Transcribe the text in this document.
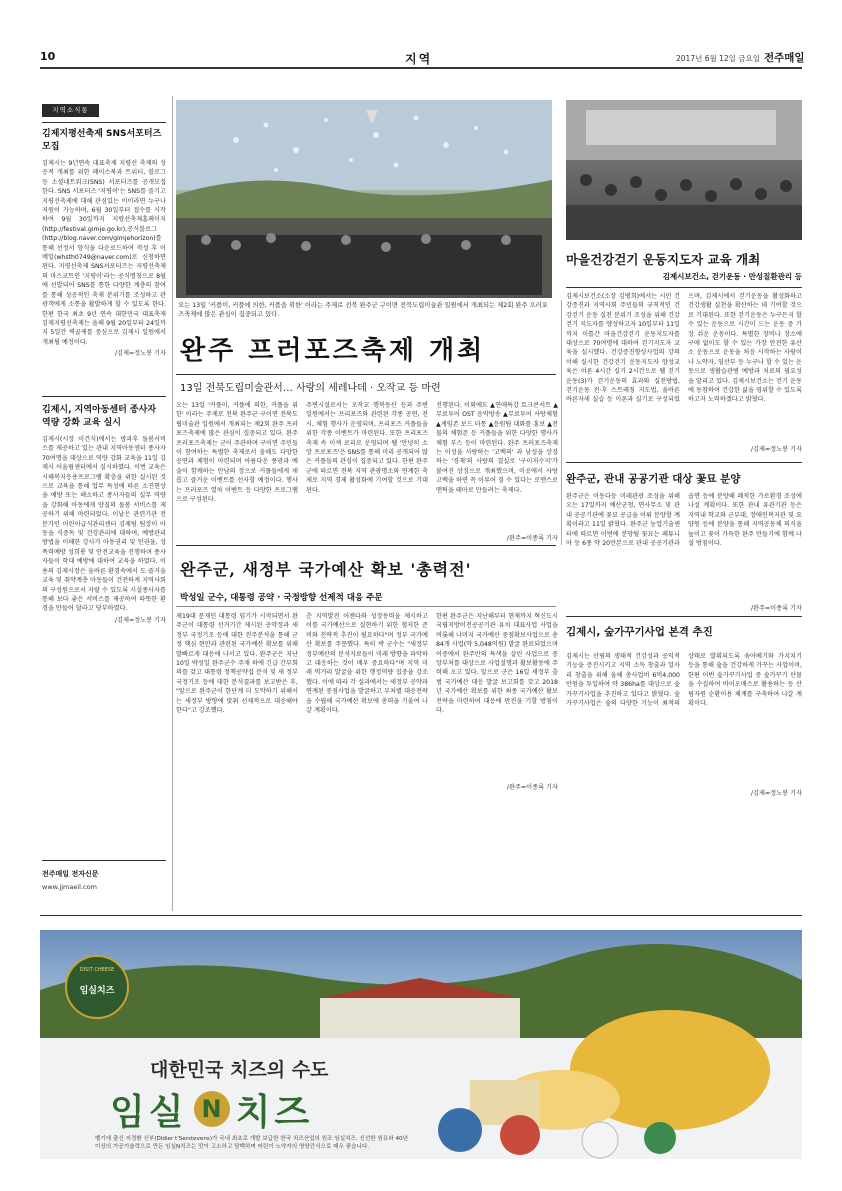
10	지역	2017년 6월 12일 금요일 전주매일
지역소식통
김제지평선축제 SNS서포터즈 모집
김제시는 9년연속 대표축제 지평선 축제의 성공적 개최를 위한 페이스북과 트위터, 블로그 등 소셜네트워크(SNS) 서포터즈를 공개모집한다. SNS 서포터즈 '지평이'는 SNS를 즐기고 지평선축제에 대해 관심있는 이이라면 누구나 지원이 가능하며, 6월 30일부터 접수를 시작하여 9월 30일까지 지평선축제홈페이지(http://festival.gimje.go.kr),공식블로그(http://blog.naver.com/gimjehorizon)를 통해 선정서 양식을 다운로드하여 작성 후 이메일(whsth0749@naver.com)로 신청하면 된다. 지평선축제 SNS서포터즈는 지평선축제의 마스코트인 '지평이'라는 공식명칭으로 8월에 선발되어 SNS를 통한 다양한 계층의 참여를 통해 성공적인 축제 분위기를 조성하고 관광객에게 소통을 활발하게 할 수 있도록 한다. 한편 한국 최초 9년 연속 대한민국 대표축제 김제지평선축제는 올해 9월 20일부터 24일까지 5일간 벽골제를 중심으로 김제시 일원에서 개최될 예정이다.
/김제=정노봉 기자
김제시, 지역아동센터 종사자 역량 강화 교육 실시
김제시(시장 이건식)에서는 방과후 돌봄서비스를 제공하고 있는 관내 지역아동센터 종사자 70여명을 대상으로 역량 강화 교육을 11일 김제시 어울림센터에서 실시하였다. 이번 교육은 시혜복지응용프로그램 확충을 위한 실시된 것으로 교육을 통해 업무 특성에 따른 소진현상을 예방 또는 해소하고 종사자들의 실무 역량을 강화해 아동에게 양질의 돌봄 서비스를 제공하기 위해 마련되었다. 이날은 관련기관 전문가인 어린이급식관리센터 김제팀 팀장이 아동을 식중독 및 건강관리에 대하여, 예방관리방법을 이해한 강사가 아동권리 및 인권을, 성폭력예방 성희롱 및 안전교육을 진행하며 종사자들이 학대 예방에 대하여 교육을 하였다. 이용의 김제시장은 올바른 환경속에서 도 즐거울 교육 및 취약계층 아동들이 건전하게 지역사회의 구성원으로서 자랄 수 있도록 시설종사자를 통해 보다 좋은 서비스를 제공하여 따뜻한 환경을 만들어 달라고 당부하였다.
/김제=정노봉 기자
전주매일 전자신문
www.jjmaeil.com
오는 13일 '커플이, 커플에 의한, 커플을 위한' 이라는 주제로 전북 완주군 구이면 전북도립미술관 일원에서 개최되는 제2회 완주 프러포즈축제에 많은 관심이 집중되고 있다.
마을건강걷기 운동지도자 교육 개최
김제시보건소, 걷기운동 · 만성질환관리 등
김제시보건소(소장 김병희)에서는 시민 건강증진과 지역사회 주민들의 규칙적인 건강걷기 운동 실천 분위기 조성을 위해 건강걷기 지도자를 양성하고자 10일부터 11일까지 이틀간 마을건강걷기 운동지도자를 대상으로 70여명에 대하여 걷기지도자 교육을 실시했다. 건강증진향상사업의 강의 이해 실시한 건강걷기 운동지도자 양성교육은 이론 4시간 실기 2시간으로 웰 걷기운동(3)가 걷기운동의 효과와 실천방법, 걷기운동 전·후 스트레칭 지도법, 올바른 바른자세 실습 등 이론과 실기로 구성되었으며, 김제시에서 걷기운동을 활성화하고 건강생활 실천을 확산하는 데 기여할 것으로 기대된다. 또한 걷기운동은 누구든지 할 수 있는 운동으로 시간이 드는 운동 중 가장 쉬운 운동이다. 특별한 장비나 장소에 구애 없이도 할 수 있는 가장 안전한 유산소 운동으로 운동을 처음 시작하는 사람이나 노약자, 임산부 등 누구나 할 수 있는 운동으로 생활습관병 예방과 치료의 필요성을 알리고 있다. 김제시보건소는 걷기 운동에 동참하여 건강한 삶을 영위할 수 있도록 하고자 노력하겠다고 밝혔다.
/김제=정노봉 기자
완주 프러포즈축제 개최
13일 전북도립미술관서… 사랑의 세레나데 · 오작교 등 마련
오는 13일 '커플이, 커플에 의한, 커플을 위한' 이라는 주제로 전북 완주군 구이면 전북도립미술관 일원에서 개최되는 제2회 완주 프러포즈축제에 많은 관심이 집중되고 있다. 완주 프러포즈축제는 군이 주관하며 구이면 주민들이 참여하는 특별한 축제로서 올해도 다양한 공연과 체험이 마련되며 아름다운 풍광과 예술이 함께하는 만남의 장으로 커플들에게 새롭고 즐거운 이벤트를 선사할 예정이다. 행사는 프러포즈 열차 이벤트 등 다양한 프로그램으로 구성된다.
주변시설로서는 오작교 행복동산 등과 주변 일원에서는 프리포즈와 관련된 각종 공연, 전시, 체험 행사가 운영되며, 프리포즈 커플들을 위한 각종 이벤트가 마련된다. 또한 프리포즈축제 속 이색 로피로 운영되며 웰 '안녕히 소망 프로포즈'은 SNS를 통해 미리 공개되어 많은 커플들의 관심이 집중되고 있다. 한편 완주군에 따르면 전북 지역 관광명소와 연계한 축제로 지역 경제 활성화에 기여할 것으로 기대된다.
진행된다. 이외에도 ▲연애특강 토크콘서트 ▲ 무료투어 OST 음악방송 ▲무료투어 사랑체험 ▲게임존 보드 터통 ▲응원팀 대화를 홍보 ▲전물의 체험존 등 커플들을 위한 다양한 행사가 체험 부스 등이 마련된다. 완주 프러포즈축제는 이성을 사랑하는 '고백의' 과 남성을 상징하는 '경재'의 사랑의 결실로 '구이저수지'가 붙여진 상징으로 개최했으며, 이곳에서 사랑고백을 하면 꼭 이루어 질 수 있다는 로맨스로맨틱을 테마로 만들려는 축제다.
/완주=이종록 기자
완주군, 관내 공공기관 대상 꽃묘 분양
완주군은 이동다둥 미래관광 조성을 위해 오는 17일까지 예산군청, 면사무소 및 관내 공공기관에 꽃묘 공급을 이뤄 분양할 계획이라고 11일 밝혔다. 완주군 농업기술센터에 따르면 이번에 분양될 꽃묘는 페튜니아 등 6종 약 20만본으로 관내 공공기관과 읍면 등에 분양해 쾌적한 가로환경 조성에 나설 계획이다. 또한 관내 유관기관 등은 지역내 학교와 군부대, 장애인복지관 및 요양원 등에 분양을 통해 지역공동체 의식을 높이고 꽃이 가득한 완주 만들기에 함께 나설 방침이다.
/완주=이종록 기자
완주군, 새정부 국가예산 확보 '총력전'
박성일 군수, 대통령 공약 · 국정방향 선제적 대응 주문
제19대 문재인 대통령 임기가 시작되면서 완주군이 대통령 선거기간 제시된 공약정과 새정부 국정기조 등에 대한 전주분석을 통해 군정 핵심 현안과 관련된 국가예산 확보를 위해 발빠르게 대응에 나서고 있다. 완주군은 지난 10일 박성일 완주군수 주재 하에 긴급 간부회의를 갖고 대통령 정책공약집 분석 및 새 정부 국정기조 등에 대한 분석결과를 보고받은 후, "앞으로 완주군이 한단계 더 도약하기 위해서는 새정부 방향에 맞춰 선제적으로 대응해야 한다"고 강조했다.
춘 지역발전 어젠다와 성장동력을 제시하고 이를 국가예산으로 실현하기 위한 철저한 준비와 전략적 추진이 필요하다"며 정부 국가예산 확보를 주문했다. 특히 박 군수는 "새정부 정부예산의 분석자료들이 미래 방향을 파악하고 대응하는 것이 매우 중요하다"며 지역 미래 먹거리 발굴을 위한 행정역량 집중을 강조했다. 이에 따라 각 실과에서는 새정부 공약과 연계된 중점사업을 발굴하고 부처별 대응전략을 수립해 국가예산 확보에 총력을 기울여 나갈 계획이다.
한편 완주군은 지난해부터 현재까지 혁신도시 국립지방이전공공기관 유치 대표사업 사업을 비롯해 나머지 국가예산 중점확보사업으로 총 84개 사업(약 5,048억원) 발굴 완료되었으며 이중에서 완주만의 특색을 살린 사업으로 중앙부처를 대상으로 사업설명과 활보활동에 주력해 오고 있다. 앞으로 군은 16일 새정부 출범 국가예산 대응 발굴 보고회를 갖고 2018년 국가예산 확보를 위한 최종 국가예산 활보전략을 마련하여 대응에 만전을 기할 방침이다.
/완주=이종록 기자
김제시, 숲가꾸기사업 본격 추진
김제시는 산림의 생태적 건강성과 공익적 기능을 증진시키고 지역 소득 창출과 일자리 창출을 위해 올해 총사업비 6억4,000만원을 투입하여 약 386ha를 대상으로 숲가꾸기사업을 추진하고 있다고 밝혔다. 숲가꾸기사업은 숲의 다양한 기능이 최적의 상태로 발휘되도록 솎아베기와 가지치기 등을 통해 숲을 건강하게 가꾸는 사업이며, 한편 이번 숲가꾸기사업 중 숲가꾸기 산물을 수집하여 바이오매스로 활용하는 등 산림자원 순환이용 체계를 구축하여 나갈 계획이다.
/김제=정노봉 기자
DISIT CHEESE
임실치즈
대한민국 치즈의 수도
임실 N 치즈
벨기에 출신 지정환 신부(Didier t'Serstevens)가 국내 최초로 개발 보급한 한국 치즈산업의 원조 임실치즈. 신선한 원유와 40년 이상의 가공기술력으로 만든 임실N치즈는 맛이 고소하고 담백하며 어린이 노약자의 영양간식으로 매우 좋습니다.
